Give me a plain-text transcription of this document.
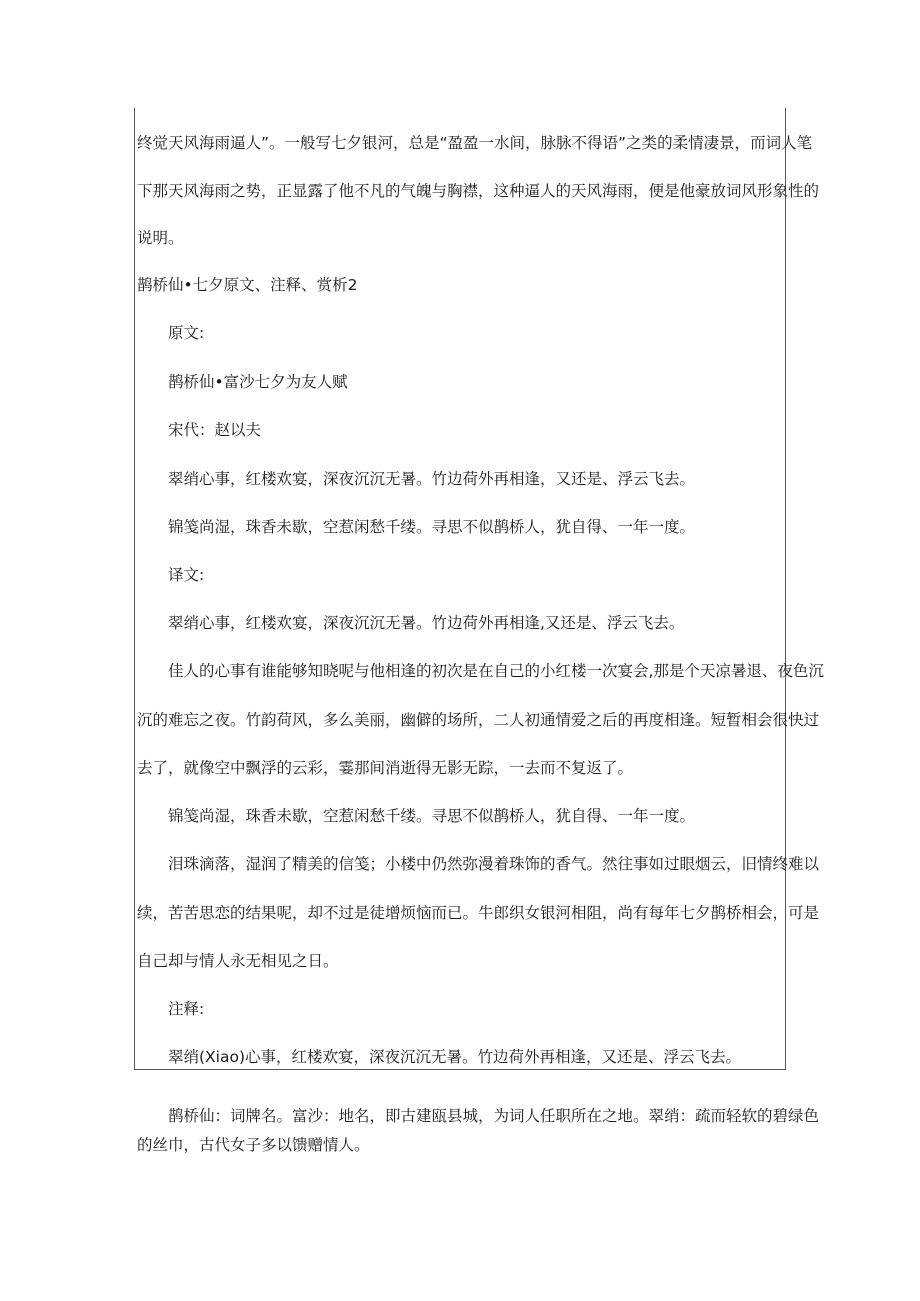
终觉天风海雨逼人”。一般写七夕银河，总是“盈盈一水间，脉脉不得语”之类的柔情凄景，而词人笔

下那天风海雨之势，正显露了他不凡的气魄与胸襟，这种逼人的天风海雨，便是他豪放词风形象性的

说明。

鹊桥仙•七夕原文、注释、赏析2

原文:

鹊桥仙•富沙七夕为友人赋

宋代：赵以夫

翠绡心事，红楼欢宴，深夜沉沉无暑。竹边荷外再相逢，又还是、浮云飞去。

锦笺尚湿，珠香未歇，空惹闲愁千缕。寻思不似鹊桥人，犹自得、一年一度。

译文:

翠绡心事，红楼欢宴，深夜沉沉无暑。竹边荷外再相逢,又还是、浮云飞去。

佳人的心事有谁能够知晓呢与他相逢的初次是在自己的小红楼一次宴会,那是个天凉暑退、夜色沉

沉的难忘之夜。竹韵荷风，多么美丽，幽僻的场所，二人初通情爱之后的再度相逢。短暂相会很快过

去了，就像空中飘浮的云彩，霎那间消逝得无影无踪，一去而不复返了。

锦笺尚湿，珠香未歇，空惹闲愁千缕。寻思不似鹊桥人，犹自得、一年一度。

泪珠滴落，湿润了精美的信笺；小楼中仍然弥漫着珠饰的香气。然往事如过眼烟云，旧情终难以

续，苦苦思恋的结果呢，却不过是徒增烦恼而已。牛郎织女银河相阻，尚有每年七夕鹊桥相会，可是

自己却与情人永无相见之日。

注释:

翠绡(Xiao)心事，红楼欢宴，深夜沉沉无暑。竹边荷外再相逢，又还是、浮云飞去。

鹊桥仙：词牌名。富沙：地名，即古建瓯县城，为词人任职所在之地。翠绡：疏而轻软的碧绿色

的丝巾，古代女子多以馈赠情人。
